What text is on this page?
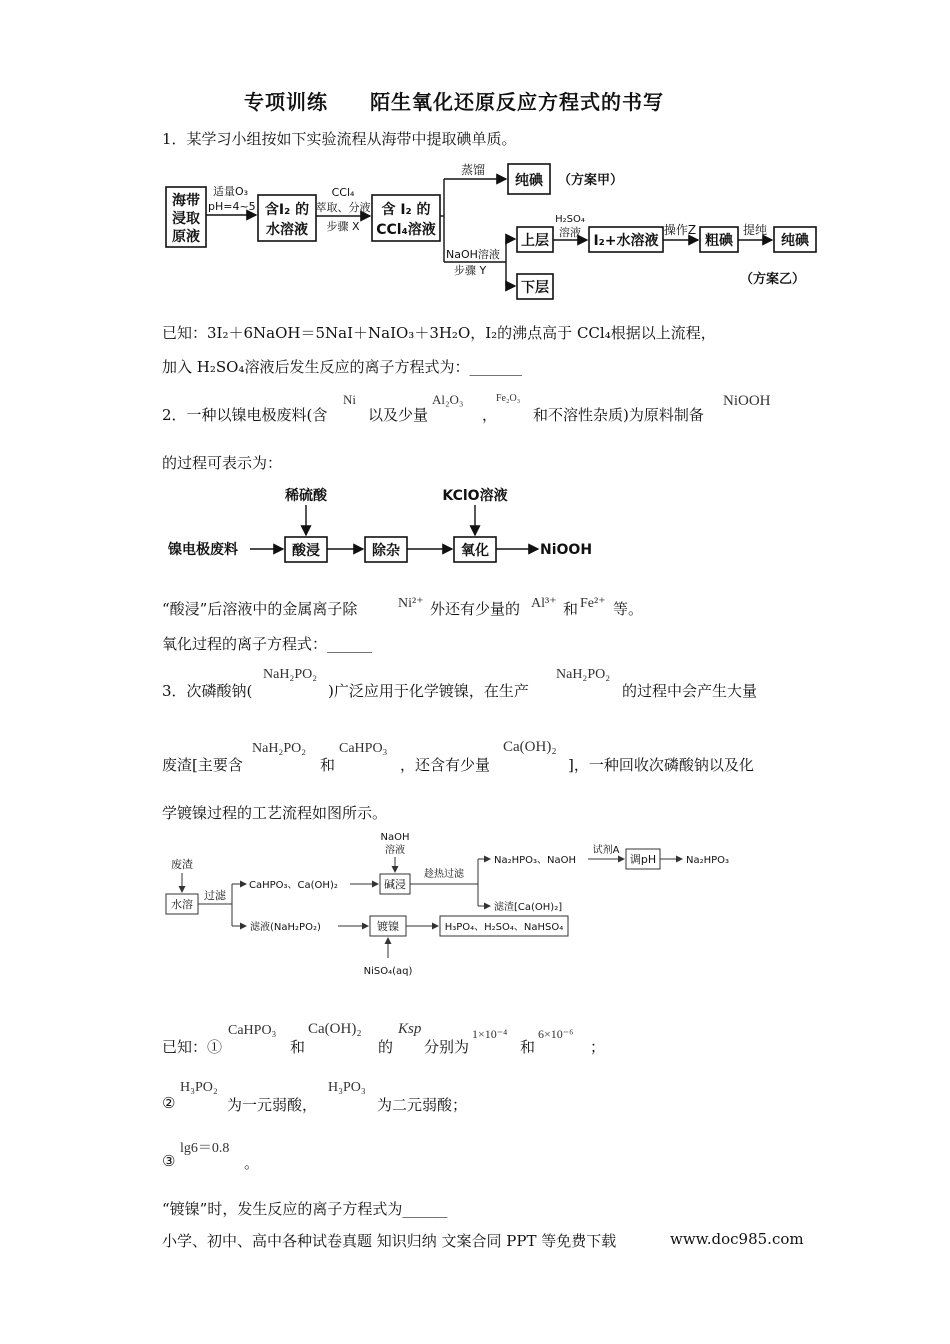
专项训练　　陌生氧化还原反应方程式的书写
1．某学习小组按如下实验流程从海带中提取碘单质。
海带
浸取
原液
适量O₃
pH=4~5 含I₂ 的
水溶液
CCl₄
萃取、分液
步骤 X
含 I₂ 的
CCl₄溶液
蒸馏
纯碘 （方案甲）
NaOH溶液
步骤 Y
上层
H₂SO₄
溶液
I₂+水溶液
操作Z
粗碘
提纯
纯碘
下层
（方案乙）
已知：3I₂＋6NaOH＝5NaI＋NaIO₃＋3H₂O，I₂的沸点高于 CCl₄根据以上流程，
加入 H₂SO₄溶液后发生反应的离子方程式为：_______
2．一种以镍电极废料(含
Ni
以及少量
Al₂O₃
，
Fe₂O₃
和不溶性杂质)为原料制备
NiOOH
的过程可表示为：
镍电极废料
稀硫酸
酸浸	除杂
KClO溶液
氧化	NiOOH
“酸浸”后溶液中的金属离子除	Ni²⁺ 外还有少量的 Al³⁺ 和 Fe²⁺ 等。
氧化过程的离子方程式：______
3．次磷酸钠(
NaH₂PO₂
)广泛应用于化学镀镍，在生产
NaH₂PO₂
的过程中会产生大量
废渣[主要含
NaH₂PO₂
和
CaHPO₃
，还含有少量
Ca(OH)₂
]，一种回收次磷酸钠以及化
学镀镍过程的工艺流程如图所示。
废渣
水溶
过滤
CaHPO₃、Ca(OH)₂
NaOH
溶液
碱浸
趁热过滤
Na₂HPO₃、NaOH
试剂A
调pH	Na₂HPO₃
滤渣[Ca(OH)₂]
滤液(NaH₂PO₂)	镀镍	H₃PO₄、H₂SO₄、NaHSO₄
NiSO₄(aq)
已知：①
CaHPO₃
和
Ca(OH)₂
的
Ksp
分别为
1×10⁻⁴
和
6×10⁻⁶
；
②
H₃PO₂
为一元弱酸，
H₃PO₃
为二元弱酸；
③
lg6＝0.8
。
“镀镍”时，发生反应的离子方程式为______
小学、初中、高中各种试卷真题 知识归纳 文案合同 PPT 等免费下载	www.doc985.com
